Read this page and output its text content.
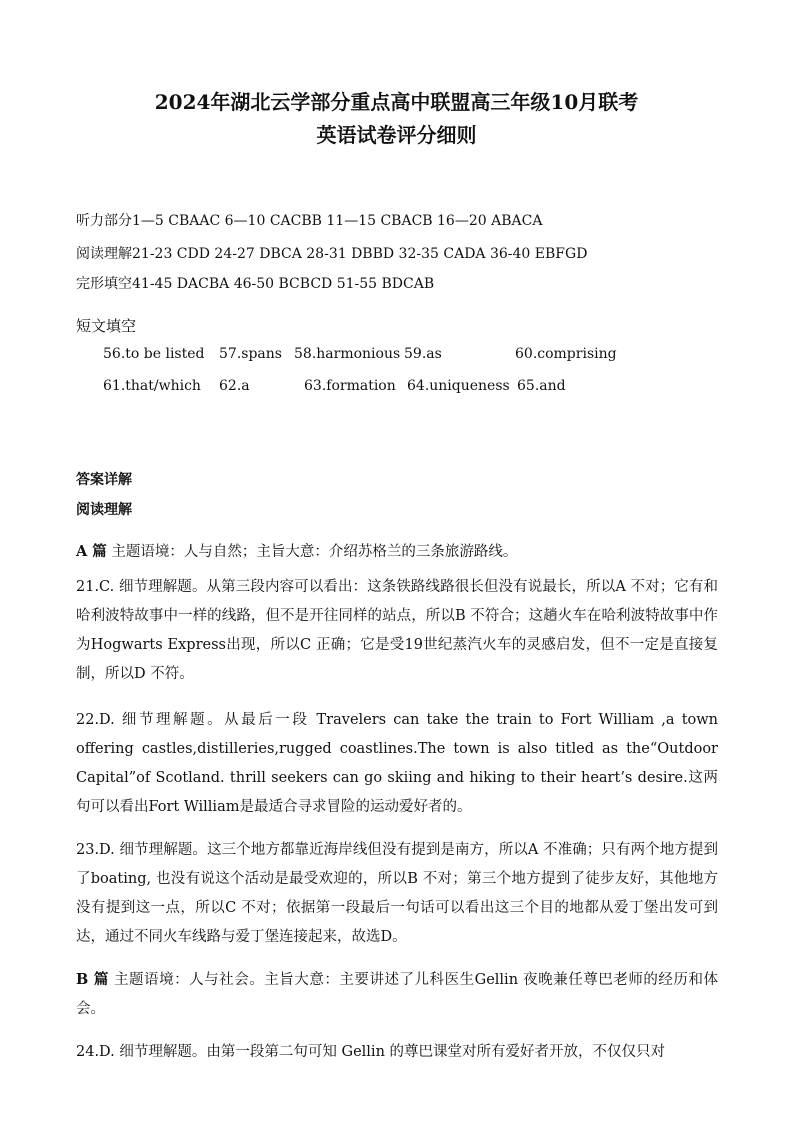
2024年湖北云学部分重点高中联盟高三年级10月联考
英语试卷评分细则
听力部分1—5 CBAAC 6—10 CACBB 11—15 CBACB 16—20 ABACA
阅读理解21-23 CDD 24-27 DBCA 28-31 DBBD 32-35 CADA 36-40 EBFGD
完形填空41-45 DACBA 46-50 BCBCD 51-55 BDCAB
短文填空
56.to be listed 57.spans 58.harmonious 59.as	60.comprising
61.that/which 62.a	63.formation 64.uniqueness 65.and
答案详解
阅读理解
A 篇 主题语境：人与自然；主旨大意：介绍苏格兰的三条旅游路线。
21.C. 细节理解题。从第三段内容可以看出：这条铁路线路很长但没有说最长，所以A 不对；它有和哈利波特故事中一样的线路，但不是开往同样的站点，所以B 不符合；这趟火车在哈利波特故事中作为Hogwarts Express出现，所以C 正确；它是受19世纪蒸汽火车的灵感启发，但不一定是直接复制，所以D 不符。
22.D. 细节理解题。从最后一段 Travelers can take the train to Fort William ,a town offering castles,distilleries,rugged coastlines.The town is also titled as the“Outdoor Capital”of Scotland. thrill seekers can go skiing and hiking to their heart’s desire.这两句可以看出Fort William是最适合寻求冒险的运动爱好者的。
23.D. 细节理解题。这三个地方都靠近海岸线但没有提到是南方，所以A 不准确；只有两个地方提到了boating, 也没有说这个活动是最受欢迎的，所以B 不对；第三个地方提到了徒步友好，其他地方没有提到这一点，所以C 不对；依据第一段最后一句话可以看出这三个目的地都从爱丁堡出发可到达，通过不同火车线路与爱丁堡连接起来，故选D。
B 篇 主题语境：人与社会。主旨大意：主要讲述了儿科医生Gellin 夜晚兼任尊巴老师的经历和体会。
24.D. 细节理解题。由第一段第二句可知 Gellin 的尊巴课堂对所有爱好者开放，不仅仅只对
